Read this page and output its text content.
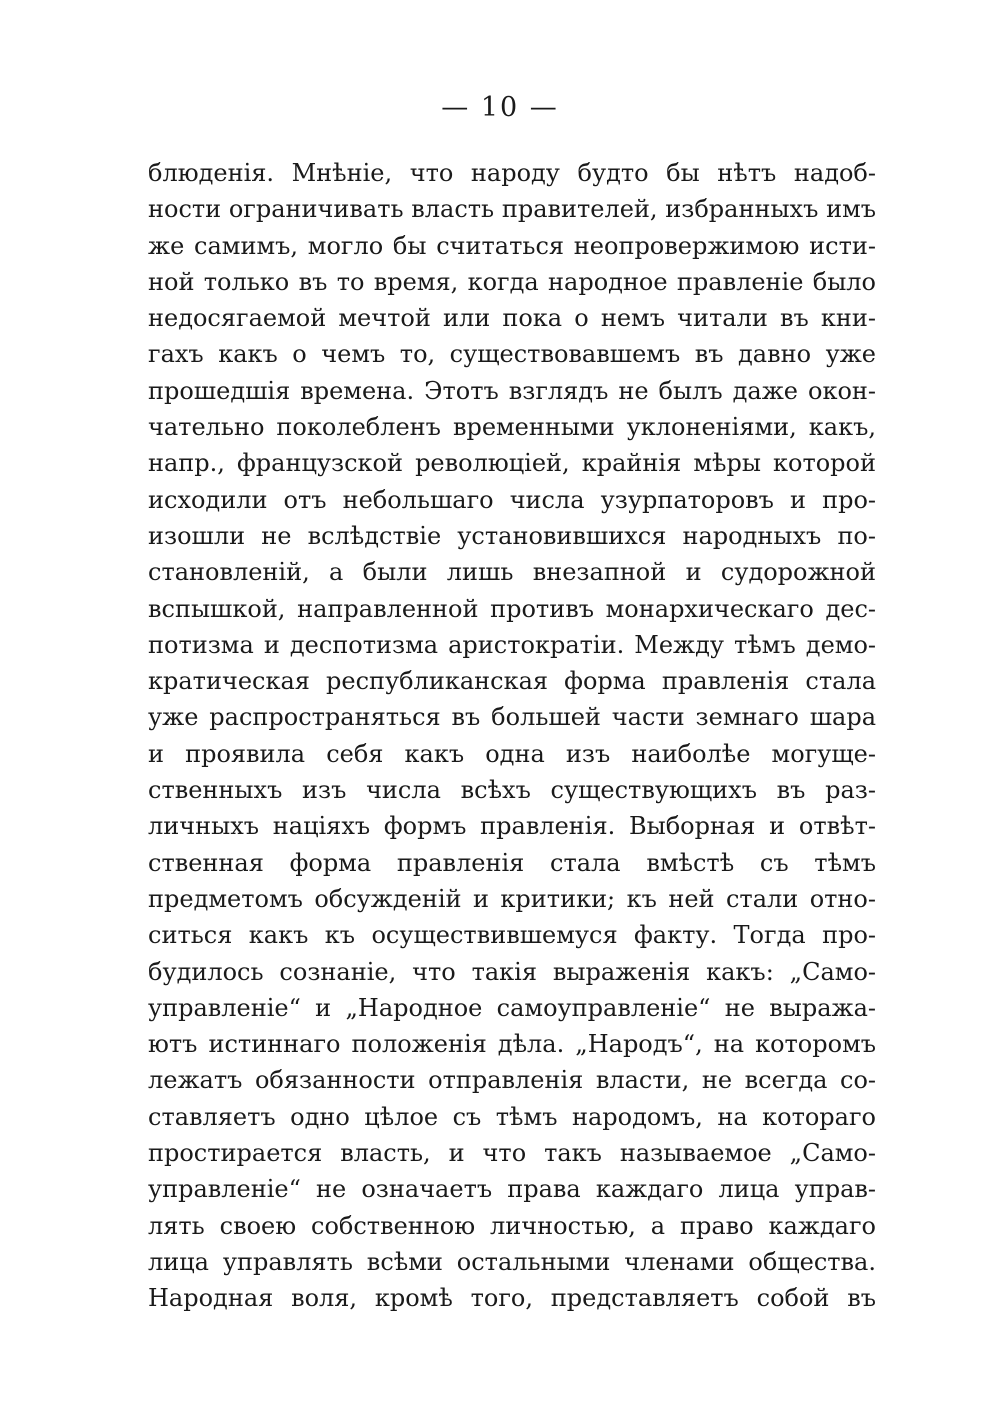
— 10 —
блюденія. Мнѣніе, что народу будто бы нѣтъ надоб-
ности ограничивать власть правителей, избранныхъ имъ
же самимъ, могло бы считаться неопровержимою исти-
ной только въ то время, когда народное правленіе было
недосягаемой мечтой или пока о немъ читали въ кни-
гахъ какъ о чемъ то, существовавшемъ въ давно уже
прошедшія времена. Этотъ взглядъ не былъ даже окон-
чательно поколебленъ временными уклоненіями, какъ,
напр., французской революціей, крайнія мѣры которой
исходили отъ небольшаго числа узурпаторовъ и про-
изошли не вслѣдствіе установившихся народныхъ по-
становленій, а были лишь внезапной и судорожной
вспышкой, направленной противъ монархическаго дес-
потизма и деспотизма аристократіи. Между тѣмъ демо-
кратическая республиканская форма правленія стала
уже распространяться въ большей части земнаго шара
и проявила себя какъ одна изъ наиболѣе могуще-
ственныхъ изъ числа всѣхъ существующихъ въ раз-
личныхъ націяхъ формъ правленія. Выборная и отвѣт-
ственная форма правленія стала вмѣстѣ съ тѣмъ
предметомъ обсужденій и критики; къ ней стали отно-
ситься какъ къ осуществившемуся факту. Тогда про-
будилось сознаніе, что такія выраженія какъ: „Само-
управленіе“ и „Народное самоуправленіе“ не выража-
ютъ истиннаго положенія дѣла. „Народъ“, на которомъ
лежатъ обязанности отправленія власти, не всегда со-
ставляетъ одно цѣлое съ тѣмъ народомъ, на котораго
простирается власть, и что такъ называемое „Само-
управленіе“ не означаетъ права каждаго лица управ-
лять своею собственною личностью, а право каждаго
лица управлять всѣми остальными членами общества.
Народная воля, кромѣ того, представляетъ собой въ
